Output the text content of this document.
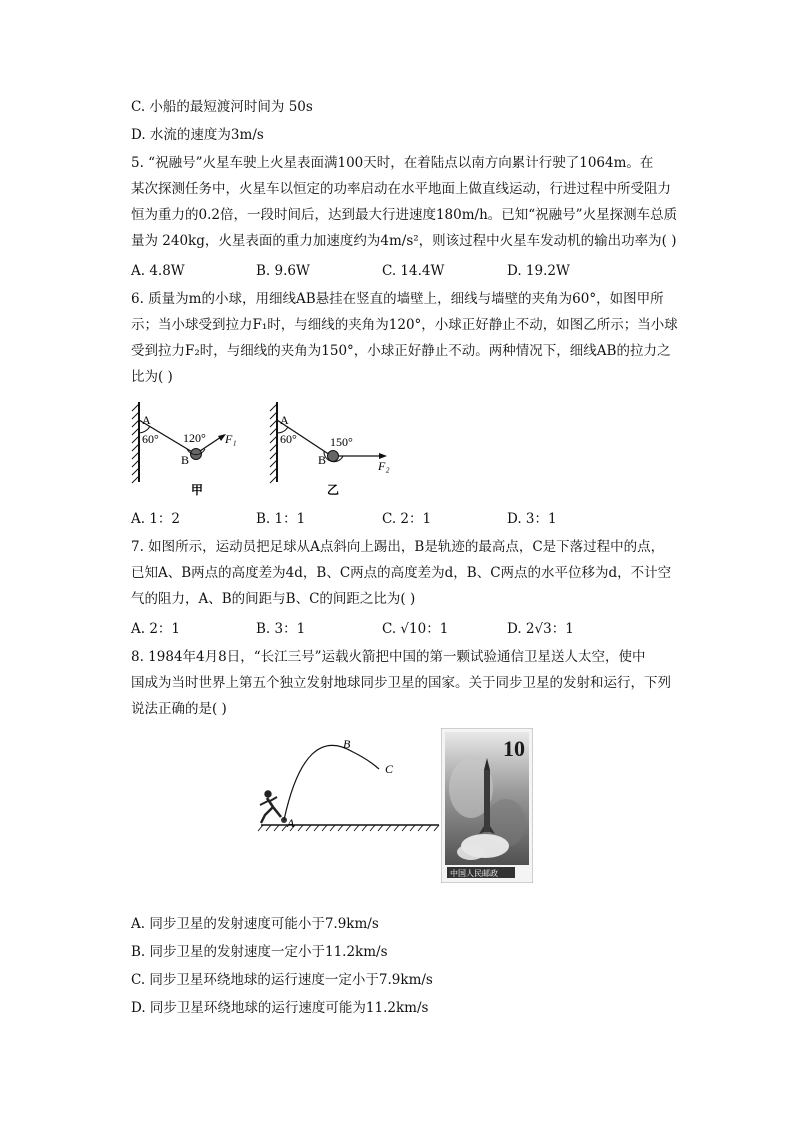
C. 小船的最短渡河时间为 50s
D. 水流的速度为3m/s
5. “祝融号”火星车驶上火星表面满100天时，在着陆点以南方向累计行驶了1064m。在
某次探测任务中，火星车以恒定的功率启动在水平地面上做直线运动，行进过程中所受阻力
恒为重力的0.2倍，一段时间后，达到最大行进速度180m/h。已知“祝融号”火星探测车总质
量为 240kg，火星表面的重力加速度约为4m/s²，则该过程中火星车发动机的输出功率为( )
A. 4.8W	B. 9.6W	C. 14.4W	D. 19.2W
6. 质量为m的小球，用细线AB悬挂在竖直的墙壁上，细线与墙壁的夹角为60°，如图甲所
示；当小球受到拉力F₁时，与细线的夹角为120°，小球正好静止不动，如图乙所示；当小球
受到拉力F₂时，与细线的夹角为150°，小球正好静止不动。两种情况下，细线AB的拉力之
比为( )
A
60° 120°
B
F₁
甲
A
60°	150°
B	F₂
乙
A. 1：2	B. 1：1	C. 2：1	D. 3：1
7. 如图所示，运动员把足球从A点斜向上踢出，B是轨迹的最高点，C是下落过程中的点，
已知A、B两点的高度差为4d，B、C两点的高度差为d，B、C两点的水平位移为d，不计空
气的阻力，A、B的间距与B、C的间距之比为( )
A. 2：1	B. 3：1	C. √10：1	D. 2√3：1
8. 1984年4月8日，“长江三号”运载火箭把中国的第一颗试验通信卫星送人太空，使中
国成为当时世界上第五个独立发射地球同步卫星的国家。关于同步卫星的发射和运行，下列
说法正确的是( )
A
B
C
10
中国人民邮政
A. 同步卫星的发射速度可能小于7.9km/s
B. 同步卫星的发射速度一定小于11.2km/s
C. 同步卫星环绕地球的运行速度一定小于7.9km/s
D. 同步卫星环绕地球的运行速度可能为11.2km/s
